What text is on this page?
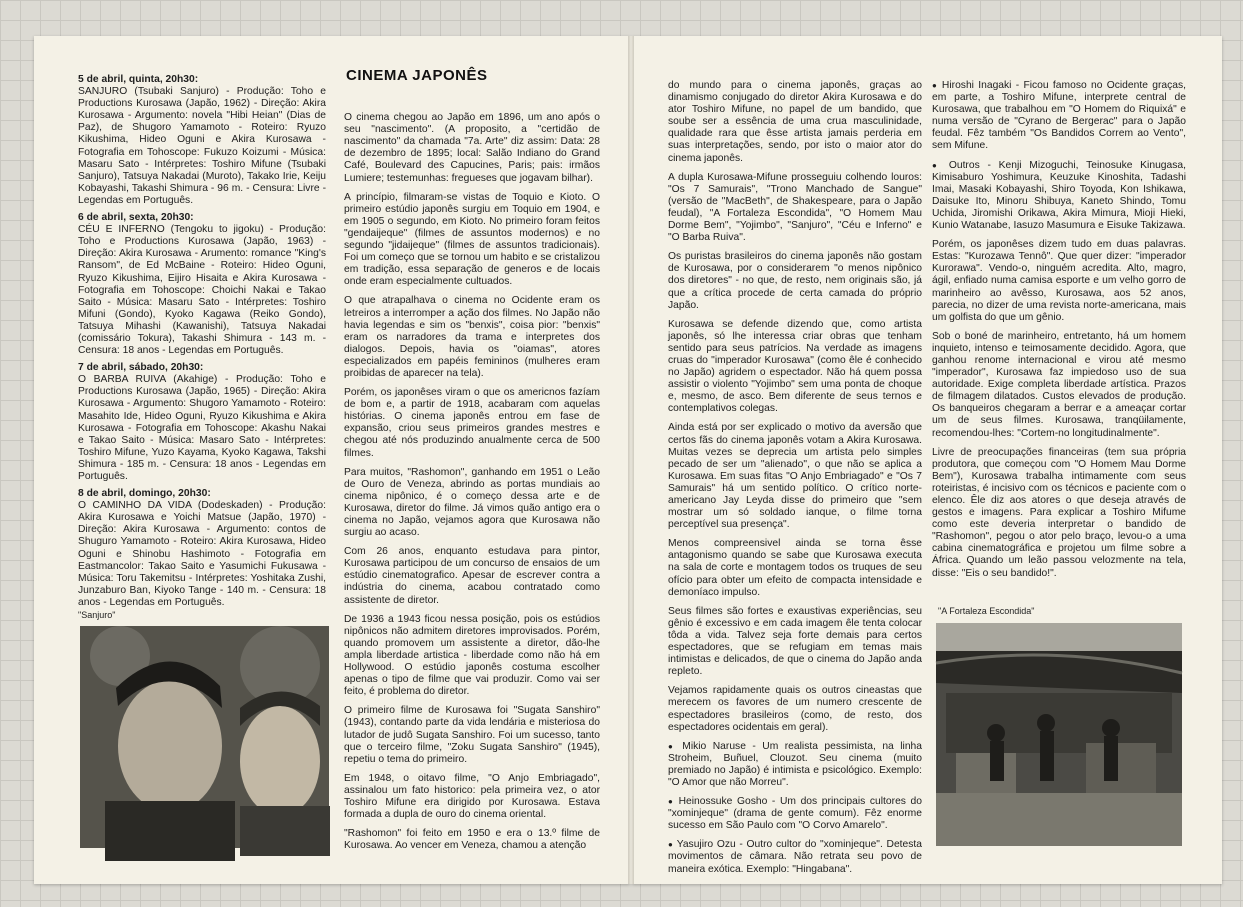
5 de abril, quinta, 20h30:
SANJURO (Tsubaki Sanjuro) - Produção: Toho e Productions Kurosawa (Japão, 1962) - Direção: Akira Kurosawa - Argumento: novela "Hibi Heian" (Dias de Paz), de Shugoro Yamamoto - Roteiro: Ryuzo Kikushima, Hideo Oguni e Akira Kurosawa - Fotografia em Tohoscope: Fukuzo Koizumi - Música: Masaru Sato - Intérpretes: Toshiro Mifune (Tsubaki Sanjuro), Tatsuya Nakadai (Muroto), Takako Irie, Keiju Kobayashi, Takashi Shimura - 96 m. - Censura: Livre - Legendas em Português.
6 de abril, sexta, 20h30:
CÉU E INFERNO (Tengoku to jigoku) - Produção: Toho e Productions Kurosawa (Japão, 1963) - Direção: Akira Kurosawa - Arumento: romance "King's Ransom", de Ed McBaine - Roteiro: Hideo Oguni, Ryuzo Kikushima, Eijiro Hisaita e Akira Kurosawa - Fotografia em Tohoscope: Choichi Nakai e Takao Saito - Música: Masaru Sato - Intérpretes: Toshiro Mifuni (Gondo), Kyoko Kagawa (Reiko Gondo), Tatsuya Mihashi (Kawanishi), Tatsuya Nakadai (comissário Tokura), Takashi Shimura - 143 m. - Censura: 18 anos - Legendas em Português.
7 de abril, sábado, 20h30:
O BARBA RUIVA (Akahige) - Produção: Toho e Productions Kurosawa (Japão, 1965) - Direção: Akira Kurosawa - Argumento: Shugoro Yamamoto - Roteiro: Masahito Ide, Hideo Oguni, Ryuzo Kikushima e Akira Kurosawa - Fotografia em Tohoscope: Akashu Nakai e Takao Saito - Música: Masaro Sato - Intérpretes: Toshiro Mifune, Yuzo Kayama, Kyoko Kagawa, Takshi Shimura - 185 m. - Censura: 18 anos - Legendas em Português.
8 de abril, domingo, 20h30:
O CAMINHO DA VIDA (Dodeskaden) - Produção: Akira Kurosawa e Yoichi Matsue (Japão, 1970) - Direção: Akira Kurosawa - Argumento: contos de Shuguro Yamamoto - Roteiro: Akira Kurosawa, Hideo Oguni e Shinobu Hashimoto - Fotografia em Eastmancolor: Takao Saito e Yasumichi Fukusawa - Música: Toru Takemitsu - Intérpretes: Yoshitaka Zushi, Junzaburo Ban, Kiyoko Tange - 140 m. - Censura: 18 anos - Legendas em Português.
"Sanjuro"
CINEMA JAPONÊS

O cinema chegou ao Japão em 1896, um ano após o seu "nascimento". (A proposito, a "certidão de nascimento" da chamada "7a. Arte" diz assim: Data: 28 de dezembro de 1895; local: Salão Indiano do Grand Café, Boulevard des Capucines, Paris; pais: irmãos Lumiere; testemunhas: fregueses que jogavam bilhar).

A princípio, filmaram-se vistas de Toquio e Kioto. O primeiro estúdio japonês surgiu em Toquio em 1904, e em 1905 o segundo, em Kioto. No primeiro foram feitos "gendaijeque" (filmes de assuntos modernos) e no segundo "jidaijeque" (filmes de assuntos tradicionais). Foi um começo que se tornou um habito e se cristalizou em tradição, essa separação de generos e de locais onde eram especialmente cultuados.

O que atrapalhava o cinema no Ocidente eram os letreiros a interromper a ação dos filmes. No Japão não havia legendas e sim os "benxis", coisa pior: "benxis" eram os narradores da trama e interpretes dos dialogos. Depois, havia os "oiamas", atores especializados em papéis femininos (mulheres eram proibidas de aparecer na tela).

Porém, os japonêses viram o que os americnos fazíam de bom e, a partir de 1918, acabaram com aquelas histórias. O cinema japonês entrou em fase de expansão, criou seus primeiros grandes mestres e chegou até nós produzindo anualmente cerca de 500 filmes.

Para muitos, "Rashomon", ganhando em 1951 o Leão de Ouro de Veneza, abrindo as portas mundiais ao cinema nipônico, é o começo dessa arte e de Kurosawa, diretor do filme. Já vimos quão antigo era o cinema no Japão, vejamos agora que Kurosawa não surgiu ao acaso.

Com 26 anos, enquanto estudava para pintor, Kurosawa participou de um concurso de ensaios de um estúdio cinematografico. Apesar de escrever contra a indústria do cinema, acabou contratado como assistente de diretor.

De 1936 a 1943 ficou nessa posição, pois os estúdios nipônicos não admitem diretores improvisados. Porém, quando promovem um assistente a diretor, dão-lhe ampla liberdade artistica - liberdade como não há em Hollywood. O estúdio japonês costuma escolher apenas o tipo de filme que vai produzir. Como vai ser feito, é problema do diretor.

O primeiro filme de Kurosawa foi "Sugata Sanshiro" (1943), contando parte da vida lendária e misteriosa do lutador de judô Sugata Sanshiro. Foi um sucesso, tanto que o terceiro filme, "Zoku Sugata Sanshiro" (1945), repetiu o tema do primeiro.

Em 1948, o oitavo filme, "O Anjo Embriagado", assinalou um fato historico: pela primeira vez, o ator Toshiro Mifune era dirigido por Kurosawa. Estava formada a dupla de ouro do cinema oriental.

"Rashomon" foi feito em 1950 e era o 13.º filme de Kurosawa. Ao vencer em Veneza, chamou a atenção

do mundo para o cinema japonês, graças ao dinamismo conjugado do diretor Akira Kurosawa e do ator Toshiro Mifune, no papel de um bandido, que soube ser a essência de uma crua masculinidade, qualidade rara que êsse artista jamais perderia em suas interpretações, sendo, por isto o maior ator do cinema japonês.

A dupla Kurosawa-Mifune prosseguiu colhendo louros: "Os 7 Samurais", "Trono Manchado de Sangue" (versão de "MacBeth", de Shakespeare, para o Japão feudal), "A Fortaleza Escondida", "O Homem Mau Dorme Bem", "Yojimbo", "Sanjuro", "Céu e Inferno" e "O Barba Ruiva".

Os puristas brasileiros do cinema japonês não gostam de Kurosawa, por o considerarem "o menos nipônico dos diretores" - no que, de resto, nem originais são, já que a crítica procede de certa camada do próprio Japão.

Kurosawa se defende dizendo que, como artista japonês, só lhe interessa criar obras que tenham sentido para seus patrícios. Na verdade as imagens cruas do "imperador Kurosawa" (como êle é conhecido no Japão) agridem o espectador. Não há quem possa assistir o violento "Yojimbo" sem uma ponta de choque e, mesmo, de asco. Bem diferente de seus ternos e contemplativos colegas.

Ainda está por ser explicado o motivo da aversão que certos fãs do cinema japonês votam a Akira Kurosawa. Muitas vezes se deprecia um artista pelo simples pecado de ser um "alienado", o que não se aplica a Kurosawa. Em suas fitas "O Anjo Embriagado" e "Os 7 Samurais" há um sentido político. O crítico norte-americano Jay Leyda disse do primeiro que "sem mostrar um só soldado ianque, o filme torna perceptível sua presença".

Menos compreensivel ainda se torna êsse antagonismo quando se sabe que Kurosawa executa na sala de corte e montagem todos os truques de seu ofício para obter um efeito de compacta intensidade e demoníaco impulso.

Seus filmes são fortes e exaustivas experiências, seu gênio é excessivo e em cada imagem êle tenta colocar tôda a vida. Talvez seja forte demais para certos espectadores, que se refugiam em temas mais intimistas e delicados, de que o cinema do Japão anda repleto.

Vejamos rapidamente quais os outros cineastas que merecem os favores de um numero crescente de espectadores brasileiros (como, de resto, dos espectadores ocidentais em geral).

● Mikio Naruse - Um realista pessimista, na linha Stroheim, Buñuel, Clouzot. Seu cinema (muito premiado no Japão) é intimista e psicológico. Exemplo: "O Amor que não Morreu".

● Heinossuke Gosho - Um dos principais cultores do "xominjeque" (drama de gente comum). Fêz enorme sucesso em São Paulo com "O Corvo Amarelo".

● Yasujiro Ozu - Outro cultor do "xominjeque". Detesta movimentos de câmara. Não retrata seu povo de maneira exótica. Exemplo: "Hingabana".

● Hiroshi Inagaki - Ficou famoso no Ocidente graças, em parte, a Toshiro Mifune, interprete central de Kurosawa, que trabalhou em "O Homem do Riquixá" e numa versão de "Cyrano de Bergerac" para o Japão feudal. Fêz também "Os Bandidos Correm ao Vento", sem Mifune.

● Outros - Kenji Mizoguchi, Teinosuke Kinugasa, Kimisaburo Yoshimura, Keuzuke Kinoshita, Tadashi Imai, Masaki Kobayashi, Shiro Toyoda, Kon Ishikawa, Daisuke Ito, Minoru Shibuya, Kaneto Shindo, Tomu Uchida, Jiromishi Orikawa, Akira Mimura, Mioji Hieki, Kunio Watanabe, Iasuzo Masumura e Eisuke Takizawa.

Porém, os japonêses dizem tudo em duas palavras. Estas: "Kurozawa Tennô". Que quer dizer: "imperador Kurorawa". Vendo-o, ninguém acredita. Alto, magro, ágil, enfiado numa camisa esporte e um velho gorro de marinheiro ao avêsso, Kurosawa, aos 52 anos, parecia, no dizer de uma revista norte-americana, mais um golfista do que um gênio.

Sob o boné de marinheiro, entretanto, há um homem inquieto, intenso e teimosamente decidido. Agora, que ganhou renome internacional e virou até mesmo "imperador", Kurosawa faz impiedoso uso de sua autoridade. Exige completa liberdade artística. Prazos de filmagem dilatados. Custos elevados de produção. Os banqueiros chegaram a berrar e a ameaçar cortar um de seus filmes. Kurosawa, tranqüilamente, recomendou-lhes: "Cortem-no longitudinalmente".

Livre de preocupações financeiras (tem sua própria produtora, que começou com "O Homem Mau Dorme Bem"), Kurosawa trabalha intimamente com seus roteiristas, é incisivo com os técnicos e paciente com o elenco. Êle diz aos atores o que deseja através de gestos e imagens. Para explicar a Toshiro Mifume como este deveria interpretar o bandido de "Rashomon", pegou o ator pelo braço, levou-o a uma cabina cinematográfica e projetou um filme sobre a África. Quando um leão passou velozmente na tela, disse: "Eis o seu bandido!".

"A Fortaleza Escondida"
